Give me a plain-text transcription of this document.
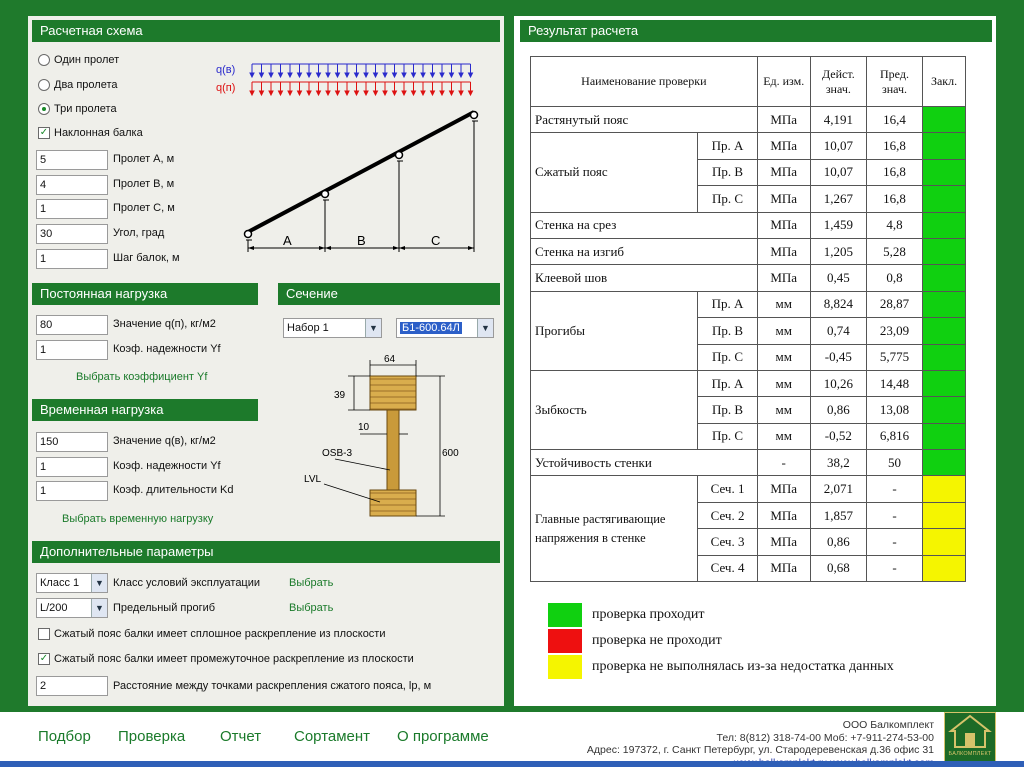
Расчетная схема
Один пролет
Два пролета
Три пролета
✓ Наклонная балка
5	Пролет А, м
4	Пролет В, м
1	Пролет С, м
30	Угол, град
1	Шаг балок, м
q(в)
q(п)
A	B	C
Постоянная нагрузка
80	Значение q(п), кг/м2
1	Коэф. надежности Yf
Выбрать коэффициент Yf
Сечение
Набор 1	▼	Б1-600.64Л	▼
64
39
10
600
OSB-3
LVL
Временная нагрузка
150	Значение q(в), кг/м2
1	Коэф. надежности Yf
1	Коэф. длительности Kd
Выбрать временную нагрузку
Дополнительные параметры
Класс 1	▼ Класс условий эксплуатации	Выбрать
L/200	▼ Предельный прогиб	Выбрать
Сжатый пояс балки имеет сплошное раскрепление из плоскости
✓ Сжатый пояс балки имеет промежуточное раскрепление из плоскости
2	Расстояние между точками раскрепления сжатого пояса, lp, м
Результат расчета
Наименование проверки		Ед. изм.	Дейст. знач.	Пред. знач.	Закл.
Растянутый пояс		МПа	4,191	16,4	
Сжатый пояс	Пр. А	МПа	10,07	16,8	
	Пр. В	МПа	10,07	16,8	
	Пр. С	МПа	1,267	16,8	
Стенка на срез		МПа	1,459	4,8	
Стенка на изгиб		МПа	1,205	5,28	
Клеевой шов		МПа	0,45	0,8	
Прогибы	Пр. А	мм	8,824	28,87	
	Пр. В	мм	0,74	23,09	
	Пр. С	мм	-0,45	5,775	
Зыбкость	Пр. А	мм	10,26	14,48	
	Пр. В	мм	0,86	13,08	
	Пр. С	мм	-0,52	6,816	
Устойчивость стенки		-	38,2	50	
Главные растягивающие напряжения в стенке	Сеч. 1	МПа	2,071	-	
	Сеч. 2	МПа	1,857	-	
	Сеч. 3	МПа	0,86	-	
	Сеч. 4	МПа	0,68	-	
проверка проходит
проверка не проходит
проверка не выполнялась из-за недостатка данных
Подбор Проверка Отчет Сортамент О программе
ООО Балкомплект
Тел: 8(812) 318-74-00 Моб: +7-911-274-53-00
Адрес: 197372, г. Санкт Петербург, ул. Стародеревенская д.36 офис 31	БАЛКОМПЛЕКТ
